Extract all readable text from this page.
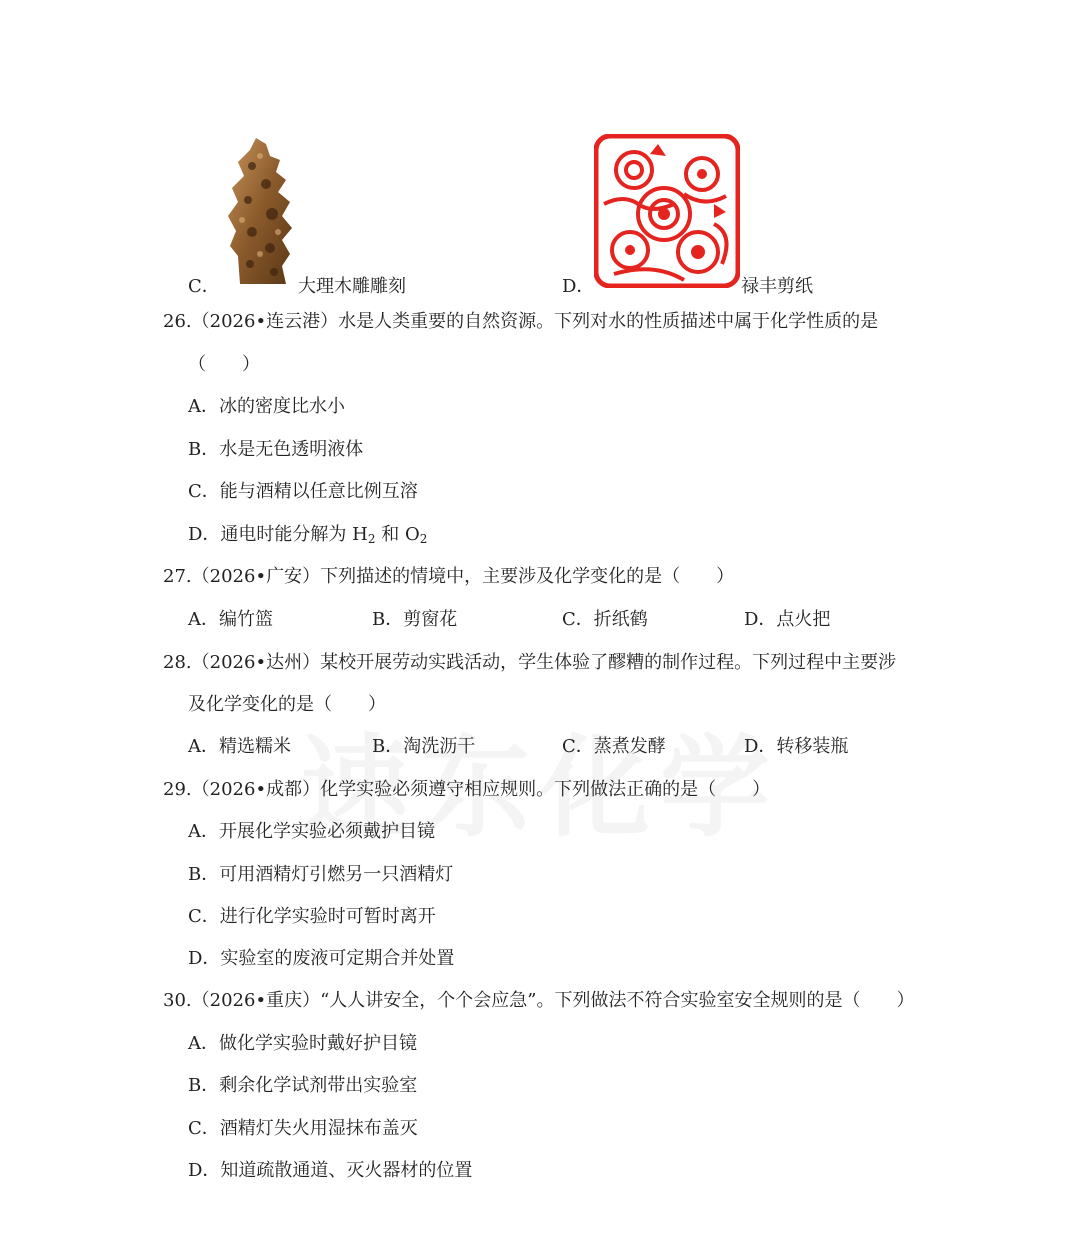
C．	大理木雕雕刻	D．	禄丰剪纸
26.（2026•连云港）水是人类重要的自然资源。下列对水的性质描述中属于化学性质的是
（　　）
A．冰的密度比水小
B．水是无色透明液体
C．能与酒精以任意比例互溶
D．通电时能分解为 $H_2$ 和 $O_2$
27.（2026•广安）下列描述的情境中，主要涉及化学变化的是（　　）
A．编竹篮	B．剪窗花	C．折纸鹤	D．点火把
28.（2026•达州）某校开展劳动实践活动，学生体验了醪糟的制作过程。下列过程中主要涉
及化学变化的是（　　）
A．精选糯米	B．淘洗沥干	C．蒸煮发酵	D．转移装瓶
29.（2026•成都）化学实验必须遵守相应规则。下列做法正确的是（　　）
A．开展化学实验必须戴护目镜
B．可用酒精灯引燃另一只酒精灯
C．进行化学实验时可暂时离开
D．实验室的废液可定期合并处置
30.（2026•重庆）“人人讲安全，个个会应急”。下列做法不符合实验室安全规则的是（　　）
A．做化学实验时戴好护目镜
B．剩余化学试剂带出实验室
C．酒精灯失火用湿抹布盖灭
D．知道疏散通道、灭火器材的位置
